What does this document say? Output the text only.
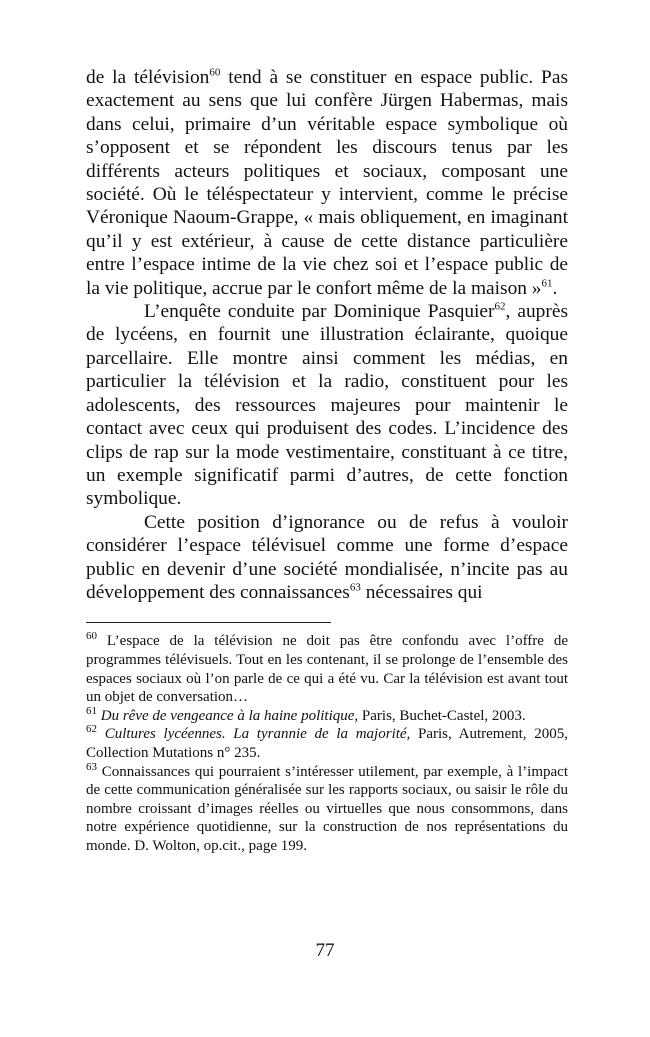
de la télévision$^{60}$ tend à se constituer en espace public. Pas exactement au sens que lui confère Jürgen Habermas, mais dans celui, primaire d’un véritable espace symbolique où s’opposent et se répondent les discours tenus par les différents acteurs politiques et sociaux, composant une société. Où le téléspectateur y intervient, comme le précise Véronique Naoum-Grappe, « mais obliquement, en imaginant qu’il y est extérieur, à cause de cette distance particulière entre l’espace intime de la vie chez soi et l’espace public de la vie politique, accrue par le confort même de la maison »$^{61}$.

L’enquête conduite par Dominique Pasquier$^{62}$, auprès de lycéens, en fournit une illustration éclairante, quoique parcellaire. Elle montre ainsi comment les médias, en particulier la télévision et la radio, constituent pour les adolescents, des ressources majeures pour maintenir le contact avec ceux qui produisent des codes. L’incidence des clips de rap sur la mode vestimentaire, constituant à ce titre, un exemple significatif parmi d’autres, de cette fonction symbolique.

Cette position d’ignorance ou de refus à vouloir considérer l’espace télévisuel comme une forme d’espace public en devenir d’une société mondialisée, n’incite pas au développement des connaissances$^{63}$ nécessaires qui

$^{60}$ L’espace de la télévision ne doit pas être confondu avec l’offre de programmes télévisuels. Tout en les contenant, il se prolonge de l’ensemble des espaces sociaux où l’on parle de ce qui a été vu. Car la télévision est avant tout un objet de conversation…

$^{61}$ Du rêve de vengeance à la haine politique, Paris, Buchet-Castel, 2003.

$^{62}$ Cultures lycéennes. La tyrannie de la majorité, Paris, Autrement, 2005, Collection Mutations n° 235.

$^{63}$ Connaissances qui pourraient s’intéresser utilement, par exemple, à l’impact de cette communication généralisée sur les rapports sociaux, ou saisir le rôle du nombre croissant d’images réelles ou virtuelles que nous consommons, dans notre expérience quotidienne, sur la construction de nos représentations du monde. D. Wolton, op.cit., page 199.

77
